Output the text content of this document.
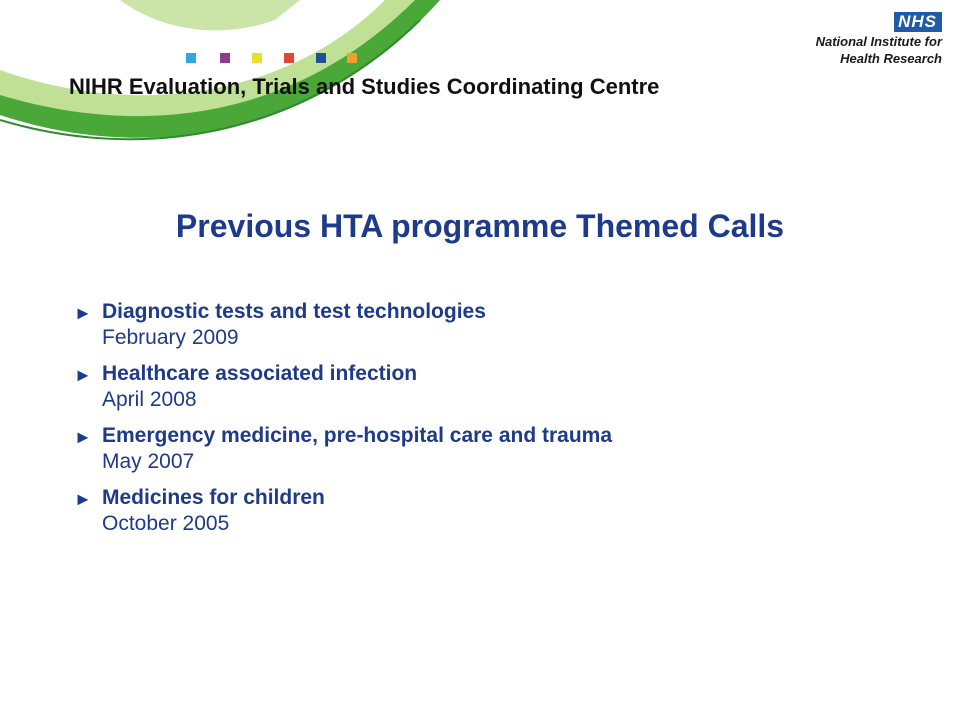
NIHR Evaluation, Trials and Studies Coordinating Centre
NHS
National Institute for
Health Research
Previous HTA programme Themed Calls
► Diagnostic tests and test technologies
February 2009
► Healthcare associated infection
April 2008
► Emergency medicine, pre-hospital care and trauma
May 2007
► Medicines for children
October 2005
